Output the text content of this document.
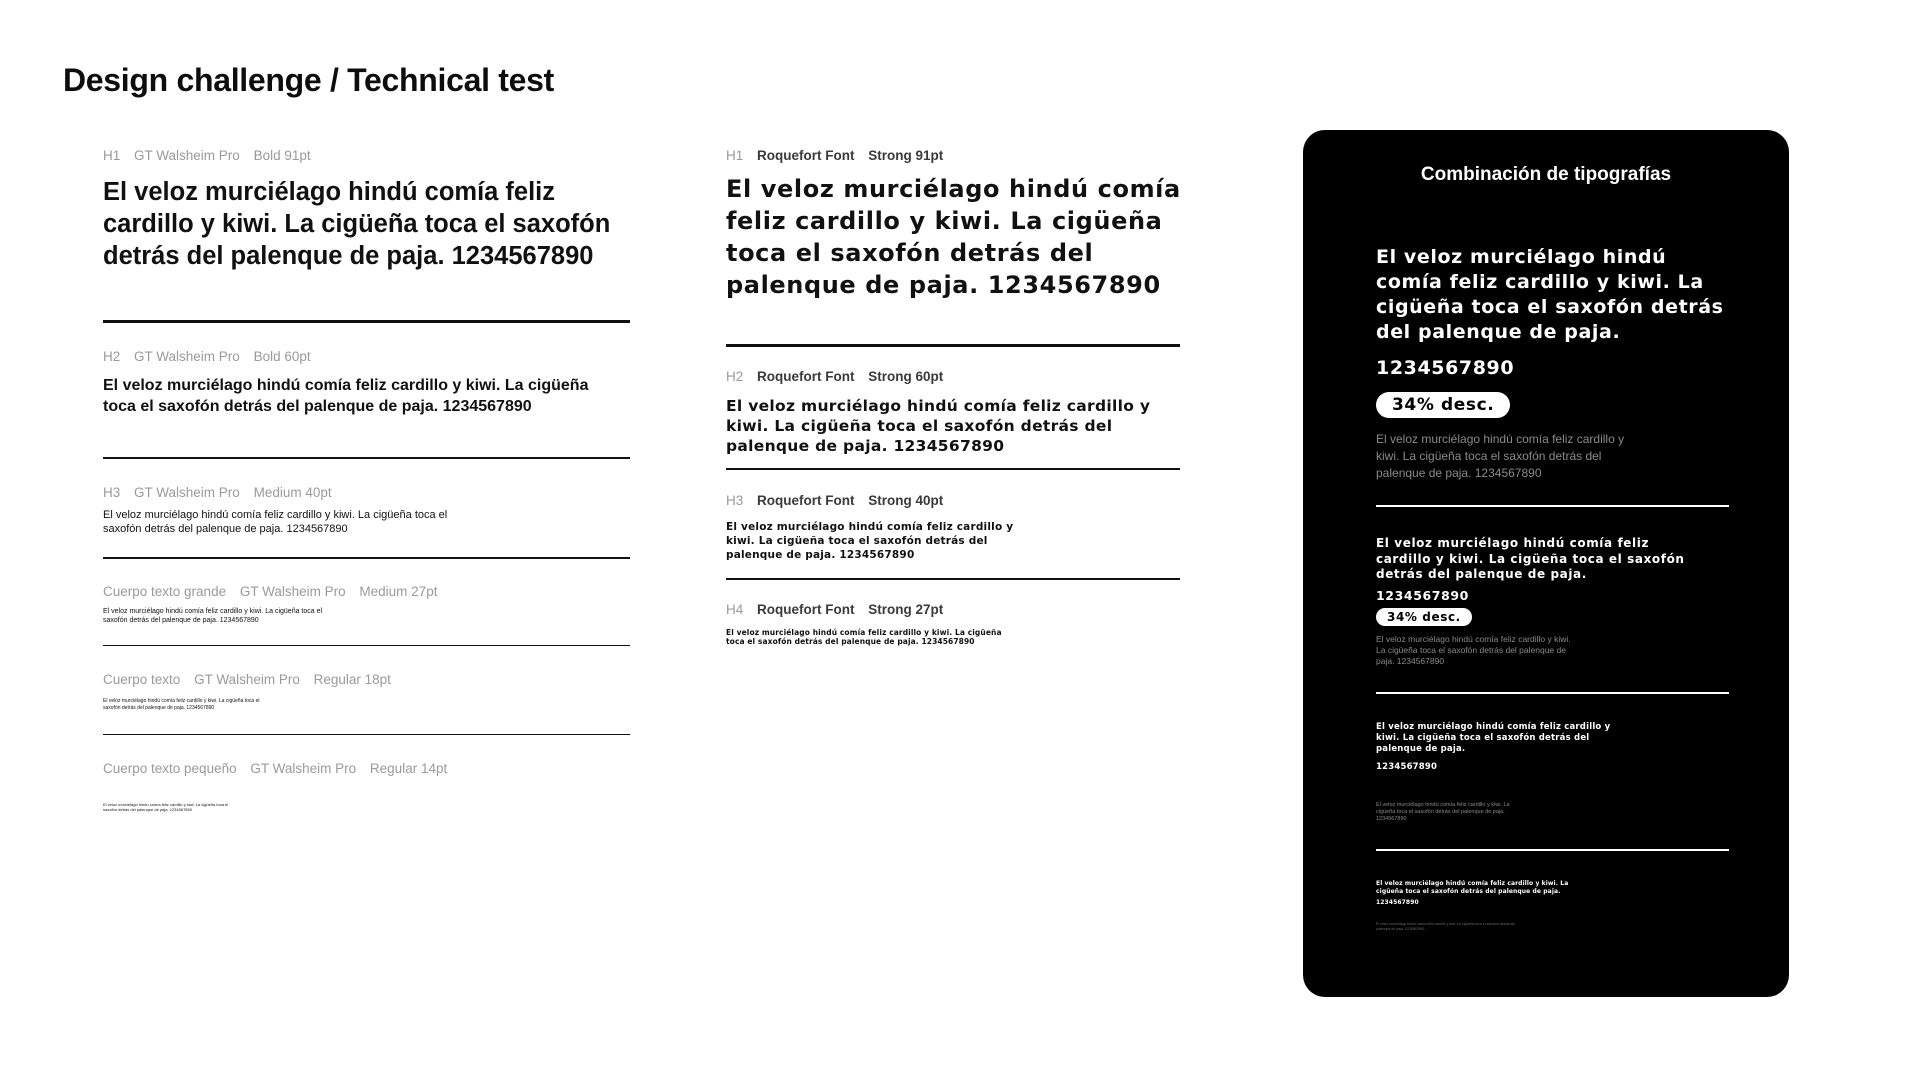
Design challenge / Technical test
H1 GT Walsheim Pro Bold 91pt
El veloz murciélago hindú comía feliz cardillo y kiwi. La cigüeña toca el saxofón detrás del palenque de paja. 1234567890
H2 GT Walsheim Pro Bold 60pt
El veloz murciélago hindú comía feliz cardillo y kiwi. La cigüeña toca el saxofón detrás del palenque de paja. 1234567890
H3 GT Walsheim Pro Medium 40pt
El veloz murciélago hindú comía feliz cardillo y kiwi. La cigüeña toca el saxofón detrás del palenque de paja. 1234567890
Cuerpo texto grande GT Walsheim Pro Medium 27pt
El veloz murciélago hindú comía feliz cardillo y kiwi. La cigüeña toca el saxofón detrás del palenque de paja. 1234567890
Cuerpo texto GT Walsheim Pro Regular 18pt
El veloz murciélago hindú comía feliz cardillo y kiwi. La cigüeña toca el saxofón detrás del palenque de paja. 1234567890
Cuerpo texto pequeño GT Walsheim Pro Regular 14pt
El veloz murciélago hindú comía feliz cardillo y kiwi. La cigüeña toca el saxofón detrás del palenque de paja. 1234567890
H1 Roquefort Font Strong 91pt
El veloz murciélago hindú comía feliz cardillo y kiwi. La cigüeña toca el saxofón detrás del palenque de paja. 1234567890
H2 Roquefort Font Strong 60pt
El veloz murciélago hindú comía feliz cardillo y kiwi. La cigüeña toca el saxofón detrás del palenque de paja. 1234567890
H3 Roquefort Font Strong 40pt
El veloz murciélago hindú comía feliz cardillo y kiwi. La cigüeña toca el saxofón detrás del palenque de paja. 1234567890
H4 Roquefort Font Strong 27pt
El veloz murciélago hindú comía feliz cardillo y kiwi. La cigüeña toca el saxofón detrás del palenque de paja. 1234567890
Combinación de tipografías
El veloz murciélago hindú comía feliz cardillo y kiwi. La cigüeña toca el saxofón detrás del palenque de paja.
1234567890
34% desc.
El veloz murciélago hindú comía feliz cardillo y kiwi. La cigüeña toca el saxofón detrás del palenque de paja. 1234567890
El veloz murciélago hindú comía feliz cardillo y kiwi. La cigüeña toca el saxofón detrás del palenque de paja.
1234567890
34% desc.
El veloz murciélago hindú comía feliz cardillo y kiwi. La cigüeña toca el saxofón detrás del palenque de paja. 1234567890
El veloz murciélago hindú comía feliz cardillo y kiwi. La cigüeña toca el saxofón detrás del palenque de paja.
1234567890
El veloz murciélago hindú comía feliz cardillo y kiwi. La cigüeña toca el saxofón detrás del palenque de paja. 1234567890
El veloz murciélago hindú comía feliz cardillo y kiwi. La cigüeña toca el saxofón detrás del palenque de paja.
1234567890
El veloz murciélago hindú comía feliz cardillo y kiwi. La cigüeña toca el saxofón detrás del palenque de paja. 1234567890
